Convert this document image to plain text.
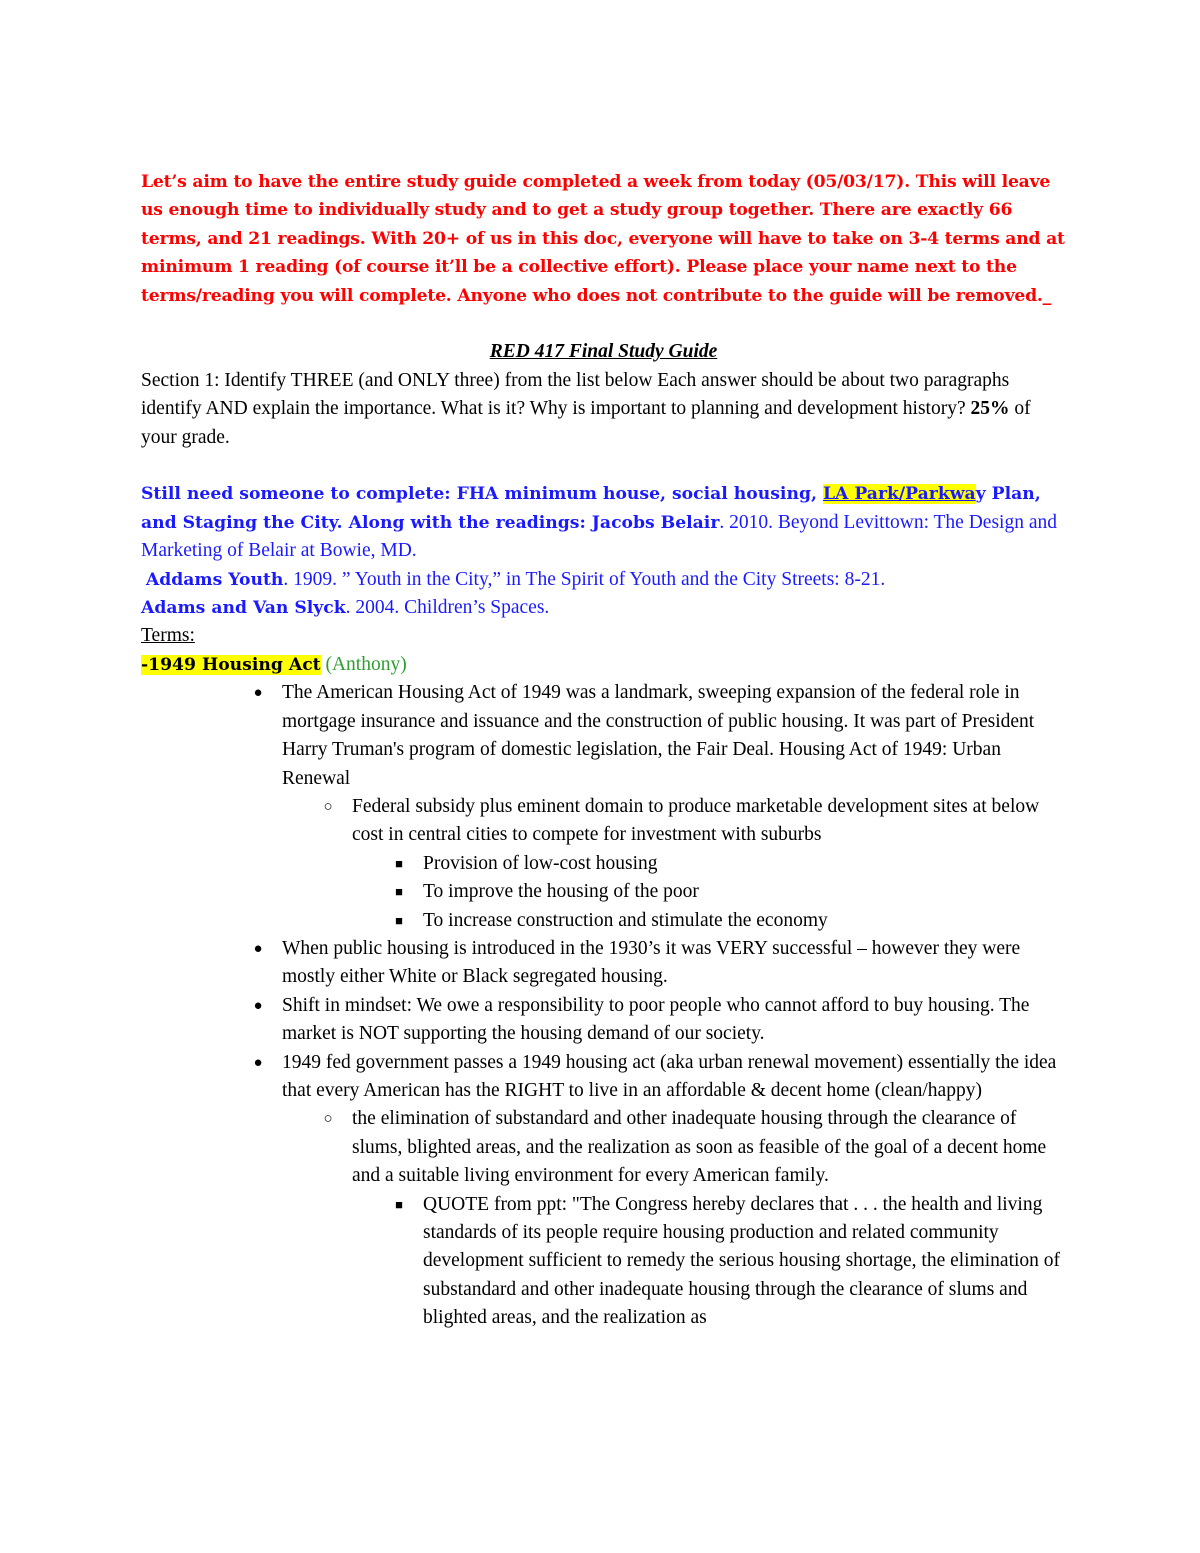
Let’s aim to have the entire study guide completed a week from today (05/03/17). This will leave us enough time to individually study and to get a study group together. There are exactly 66 terms, and 21 readings. With 20+ of us in this doc, everyone will have to take on 3-4 terms and at minimum 1 reading (of course it’ll be a collective effort). Please place your name next to the terms/reading you will complete. Anyone who does not contribute to the guide will be removed._

RED 417 Final Study Guide

Section 1: Identify THREE (and ONLY three) from the list below Each answer should be about two paragraphs identify AND explain the importance. What is it? Why is important to planning and development history? 25% of your grade.

Still need someone to complete: FHA minimum house, social housing, LA Park/Parkway Plan, and Staging the City. Along with the readings: Jacobs Belair. 2010. Beyond Levittown: The Design and Marketing of Belair at Bowie, MD.

Addams Youth. 1909. ” Youth in the City,” in The Spirit of Youth and the City Streets: 8-21.

Adams and Van Slyck. 2004. Children’s Spaces.

Terms:

-1949 Housing Act (Anthony)

● The American Housing Act of 1949 was a landmark, sweeping expansion of the federal role in mortgage insurance and issuance and the construction of public housing. It was part of President Harry Truman's program of domestic legislation, the Fair Deal. Housing Act of 1949: Urban Renewal
○ Federal subsidy plus eminent domain to produce marketable development sites at below cost in central cities to compete for investment with suburbs
■	Provision of low-cost housing
■	To improve the housing of the poor
■	To increase construction and stimulate the economy
● When public housing is introduced in the 1930’s it was VERY successful – however they were mostly either White or Black segregated housing.
● Shift in mindset: We owe a responsibility to poor people who cannot afford to buy housing. The market is NOT supporting the housing demand of our society.
● 1949 fed government passes a 1949 housing act (aka urban renewal movement) essentially the idea that every American has the RIGHT to live in an affordable & decent home (clean/happy)
○ the elimination of substandard and other inadequate housing through the clearance of slums, blighted areas, and the realization as soon as feasible of the goal of a decent home and a suitable living environment for every American family.
■	QUOTE from ppt: "The Congress hereby declares that . . . the health and living standards of its people require housing production and related community development sufficient to remedy the serious housing shortage, the elimination of substandard and other inadequate housing through the clearance of slums and blighted areas, and the realization as
